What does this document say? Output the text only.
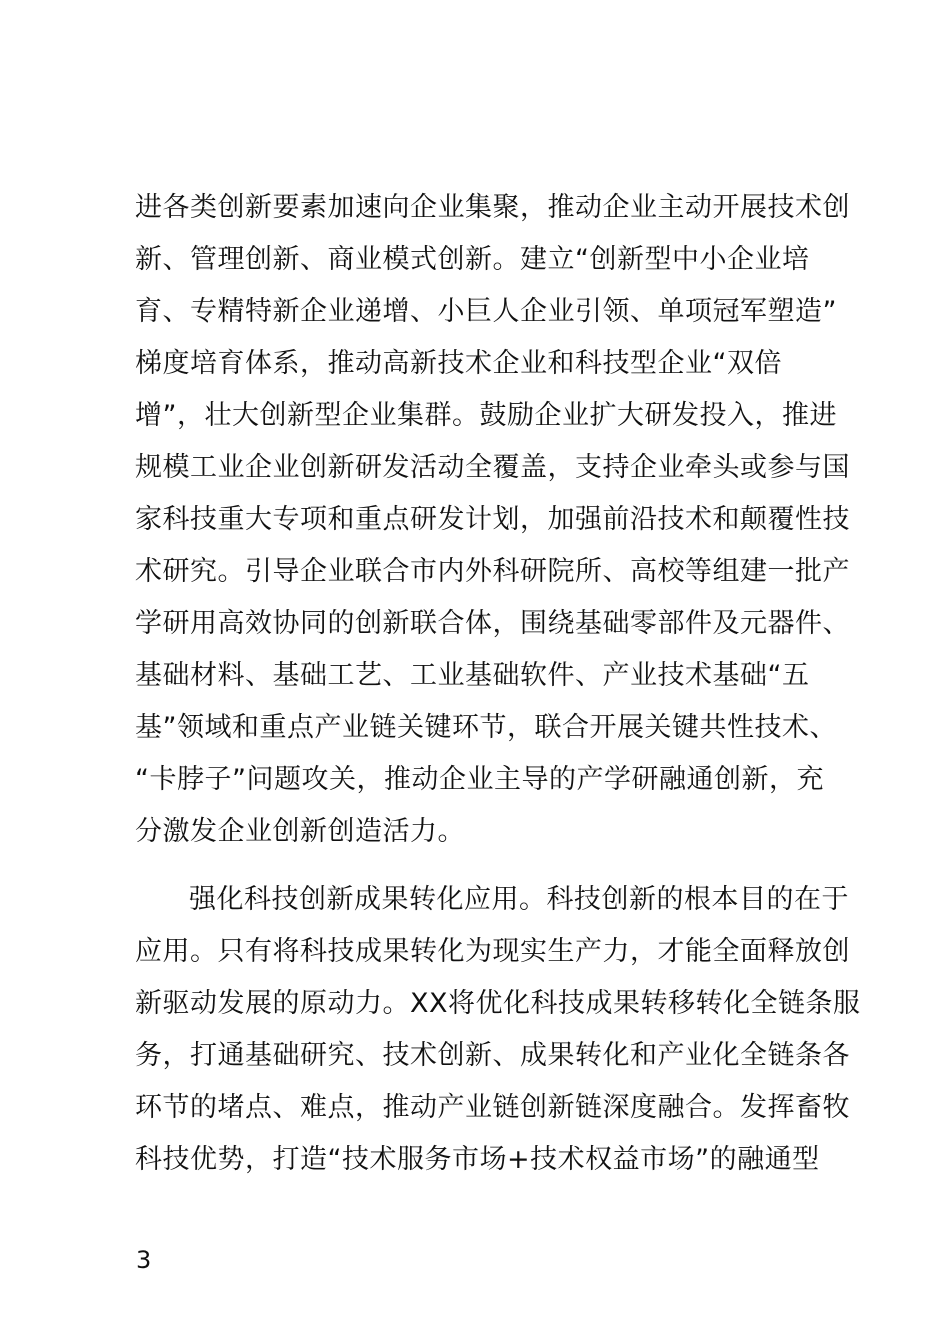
进各类创新要素加速向企业集聚，推动企业主动开展技术创
新、管理创新、商业模式创新。建立“创新型中小企业培
育、专精特新企业递增、小巨人企业引领、单项冠军塑造”
梯度培育体系，推动高新技术企业和科技型企业“双倍
增”，壮大创新型企业集群。鼓励企业扩大研发投入，推进
规模工业企业创新研发活动全覆盖，支持企业牵头或参与国
家科技重大专项和重点研发计划，加强前沿技术和颠覆性技
术研究。引导企业联合市内外科研院所、高校等组建一批产
学研用高效协同的创新联合体，围绕基础零部件及元器件、
基础材料、基础工艺、工业基础软件、产业技术基础“五
基”领域和重点产业链关键环节，联合开展关键共性技术、
“卡脖子”问题攻关，推动企业主导的产学研融通创新，充
分激发企业创新创造活力。
强化科技创新成果转化应用。科技创新的根本目的在于
应用。只有将科技成果转化为现实生产力，才能全面释放创
新驱动发展的原动力。XX将优化科技成果转移转化全链条服
务，打通基础研究、技术创新、成果转化和产业化全链条各
环节的堵点、难点，推动产业链创新链深度融合。发挥畜牧
科技优势，打造“技术服务市场+技术权益市场”的融通型
3
